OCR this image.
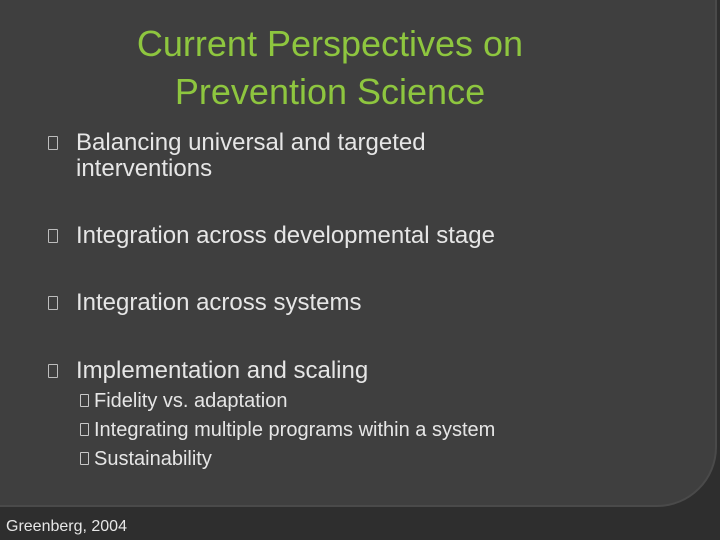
Current Perspectives on
Prevention Science
Balancing universal and targeted
interventions
Integration across developmental stage
Integration across systems
Implementation and scaling
Fidelity vs. adaptation
Integrating multiple programs within a system
Sustainability
Greenberg, 2004
